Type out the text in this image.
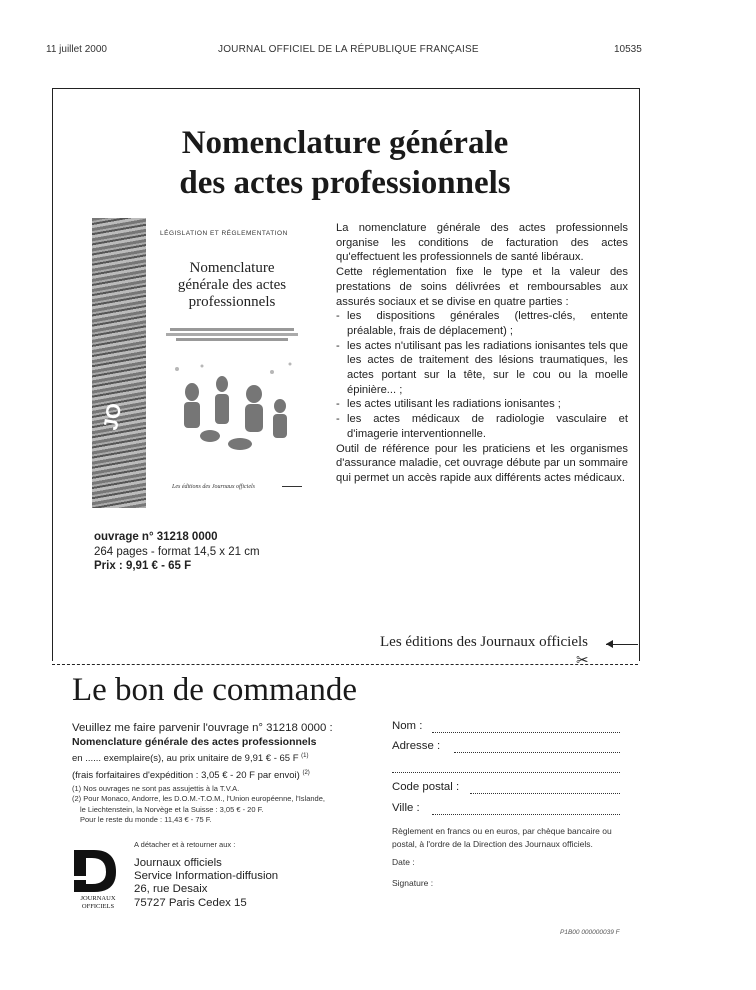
11 juillet 2000	JOURNAL OFFICIEL DE LA RÉPUBLIQUE FRANÇAISE	10535
Nomenclature générale
des actes professionnels
JO
LÉGISLATION ET RÉGLEMENTATION
Nomenclature
générale des actes
professionnels
Les éditions des Journaux officiels

La nomenclature générale des actes professionnels organise les conditions de facturation des actes qu'effectuent les professionnels de santé libéraux.

Cette réglementation fixe le type et la valeur des prestations de soins délivrées et remboursables aux assurés sociaux et se divise en quatre parties :

- les dispositions générales (lettres-clés, entente préalable, frais de déplacement) ;
- les actes n'utilisant pas les radiations ionisantes tels que les actes de traitement des lésions traumatiques, les actes portant sur la tête, sur le cou ou la moelle épinière... ;
- les actes utilisant les radiations ionisantes ;
- les actes médicaux de radiologie vasculaire et d'imagerie interventionnelle.

Outil de référence pour les praticiens et les organismes d'assurance maladie, cet ouvrage débute par un sommaire qui permet un accès rapide aux différents actes médicaux.

ouvrage n° 31218 0000
264 pages - format 14,5 x 21 cm
Prix : 9,91 € - 65 F
Les éditions des Journaux officiels
✂
Le bon de commande
Veuillez me faire parvenir l'ouvrage n° 31218 0000 :
Nomenclature générale des actes professionnels
en ...... exemplaire(s), au prix unitaire de 9,91 € - 65 F $^{(1)}$
(frais forfaitaires d'expédition : 3,05 € - 20 F par envoi) $^{(2)}$
(1) Nos ouvrages ne sont pas assujettis à la T.V.A.
(2) Pour Monaco, Andorre, les D.O.M.-T.O.M., l'Union européenne, l'Islande,
le Liechtenstein, la Norvège et la Suisse : 3,05 € - 20 F.
Pour le reste du monde : 11,43 € - 75 F.
A détacher et à retourner aux :
JOURNAUX
OFFICIELS
Journaux officiels
Service Information-diffusion
26, rue Desaix
75727 Paris Cedex 15
Nom :
Adresse :
Code postal :
Ville :
Règlement en francs ou en euros, par chèque bancaire ou postal, à l'ordre de la Direction des Journaux officiels.
Date :
Signature :
P1B00 000000039 F
